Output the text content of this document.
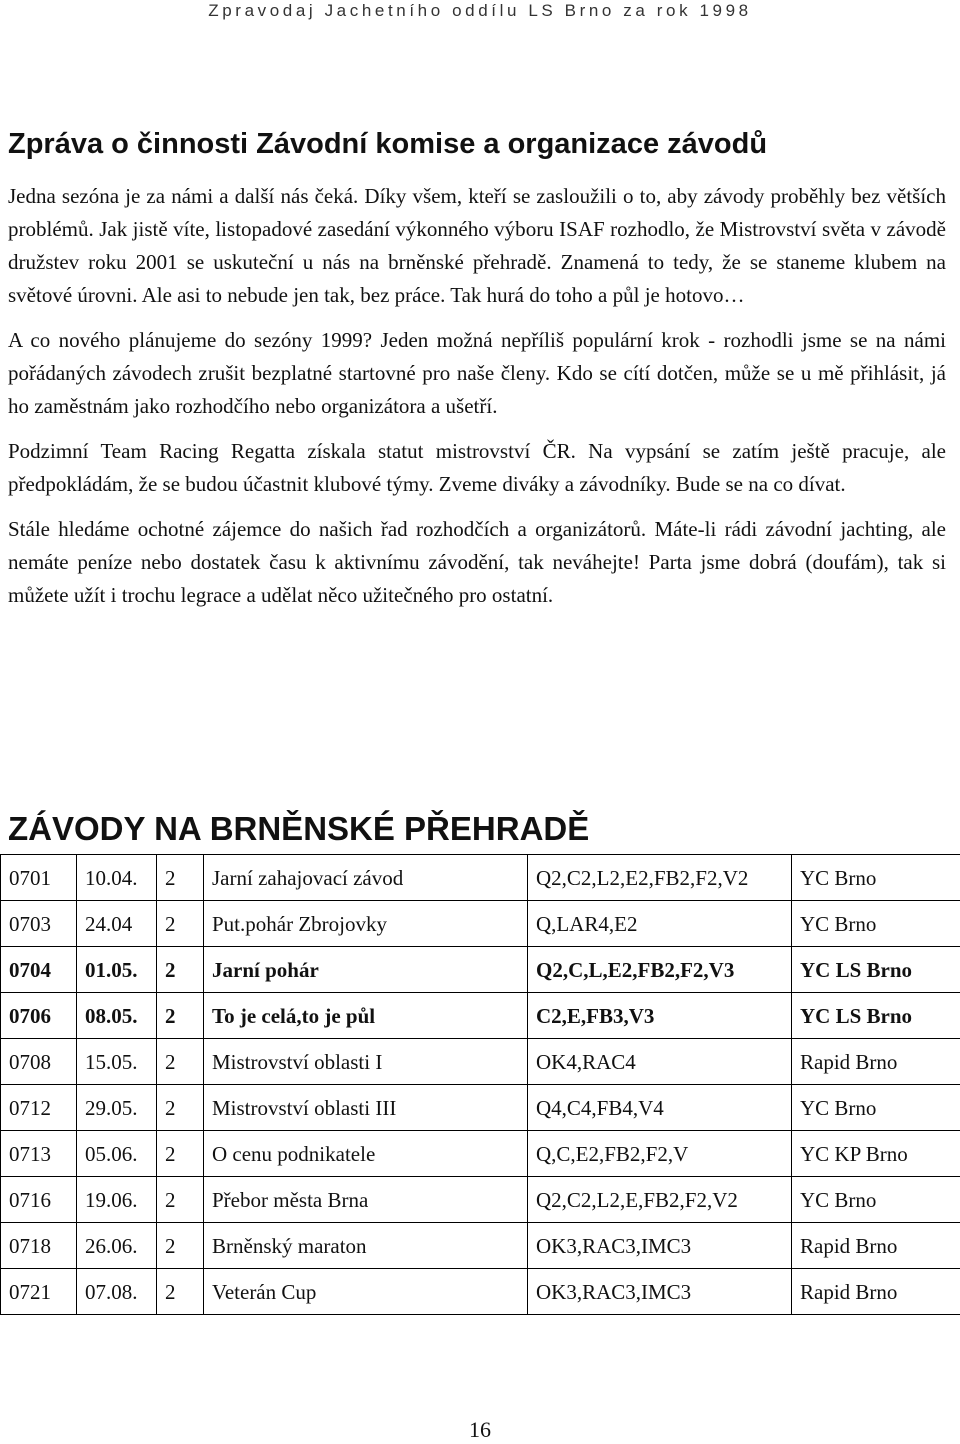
Zpravodaj Jachetního oddílu LS Brno za rok 1998
Zpráva o činnosti Závodní komise a organizace závodů

Jedna sezóna je za námi a další nás čeká. Díky všem, kteří se zasloužili o to, aby závody proběhly bez větších problémů. Jak jistě víte, listopadové zasedání výkonného výboru ISAF rozhodlo, že Mistrovství světa v závodě družstev roku 2001 se uskuteční u nás na brněnské přehradě. Znamená to tedy, že se staneme klubem na světové úrovni. Ale asi to nebude jen tak, bez práce. Tak hurá do toho a půl je hotovo…

A co nového plánujeme do sezóny 1999? Jeden možná nepříliš populární krok - rozhodli jsme se na námi pořádaných závodech zrušit bezplatné startovné pro naše členy. Kdo se cítí dotčen, může se u mě přihlásit, já ho zaměstnám jako rozhodčího nebo organizátora a ušetří.

Podzimní Team Racing Regatta získala statut mistrovství ČR. Na vypsání se zatím ještě pracuje, ale předpokládám, že se budou účastnit klubové týmy. Zveme diváky a závodníky. Bude se na co dívat.

Stále hledáme ochotné zájemce do našich řad rozhodčích a organizátorů. Máte-li rádi závodní jachting, ale nemáte peníze nebo dostatek času k aktivnímu závodění, tak neváhejte! Parta jsme dobrá (doufám), tak si můžete užít i trochu legrace a udělat něco užitečného pro ostatní.

ZÁVODY NA BRNĚNSKÉ PŘEHRADĚ
0701	10.04.	2	Jarní zahajovací závod	Q2,C2,L2,E2,FB2,F2,V2	YC Brno
0703	24.04	2	Put.pohár Zbrojovky	Q,LAR4,E2	YC Brno
0704	01.05.	2	Jarní pohár	Q2,C,L,E2,FB2,F2,V3	YC LS Brno
0706	08.05.	2	To je celá,to je půl	C2,E,FB3,V3	YC LS Brno
0708	15.05.	2	Mistrovství oblasti I	OK4,RAC4	Rapid Brno
0712	29.05.	2	Mistrovství oblasti III	Q4,C4,FB4,V4	YC Brno
0713	05.06.	2	O cenu podnikatele	Q,C,E2,FB2,F2,V	YC KP Brno
0716	19.06.	2	Přebor města Brna	Q2,C2,L2,E,FB2,F2,V2	YC Brno
0718	26.06.	2	Brněnský maraton	OK3,RAC3,IMC3	Rapid Brno
0721	07.08.	2	Veterán Cup	OK3,RAC3,IMC3	Rapid Brno
16
